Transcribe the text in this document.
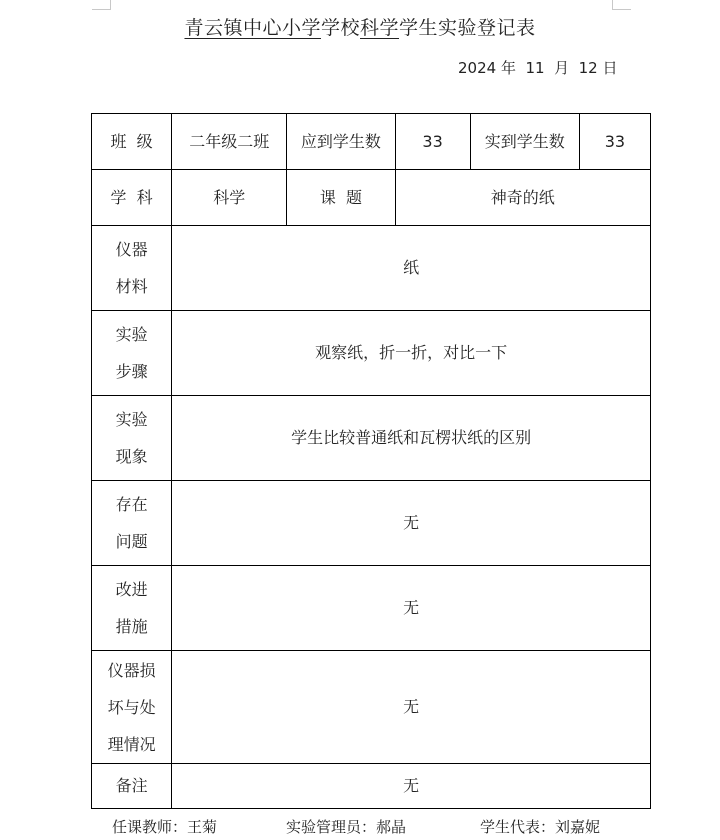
青云镇中心小学学校科学学生实验登记表
2024 年  11  月  12 日
班  级	二年级二班	应到学生数	33	实到学生数	33
学  科	科学	课  题	神奇的纸		
仪器
材料	纸				
实验
步骤	观察纸，折一折，对比一下				
实验
现象	学生比较普通纸和瓦楞状纸的区别				
存在
问题	无				
改进
措施	无				
仪器损
坏与处
理情况	无				
备注	无				
任课教师：王菊	实验管理员：郝晶	学生代表：刘嘉妮
